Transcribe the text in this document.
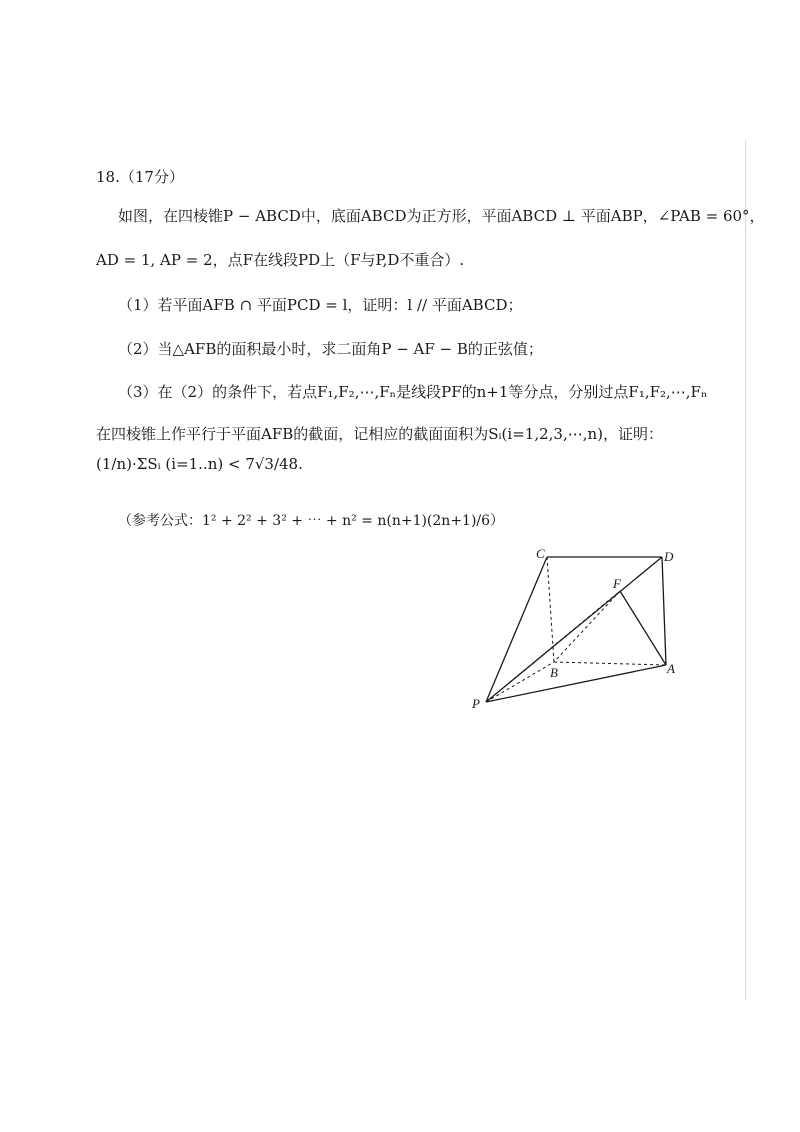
18.（17分）
如图，在四棱锥P − ABCD中，底面ABCD为正方形，平面ABCD ⊥ 平面ABP，∠PAB = 60°，
AD = 1, AP = 2，点F在线段PD上（F与P,D不重合）.
（1）若平面AFB ∩ 平面PCD = l，证明：l // 平面ABCD；
（2）当△AFB的面积最小时，求二面角P − AF − B的正弦值；
（3）在（2）的条件下，若点F₁,F₂,⋯,Fₙ是线段PF的n+1等分点，分别过点F₁,F₂,⋯,Fₙ
在四棱锥上作平行于平面AFB的截面，记相应的截面面积为Sᵢ(i=1,2,3,⋯,n)，证明：
(1/n)·ΣSᵢ (i=1..n) < 7√3/48.
（参考公式：1² + 2² + 3² + ⋯ + n² = n(n+1)(2n+1)/6）
C	D
F
B	A
P
